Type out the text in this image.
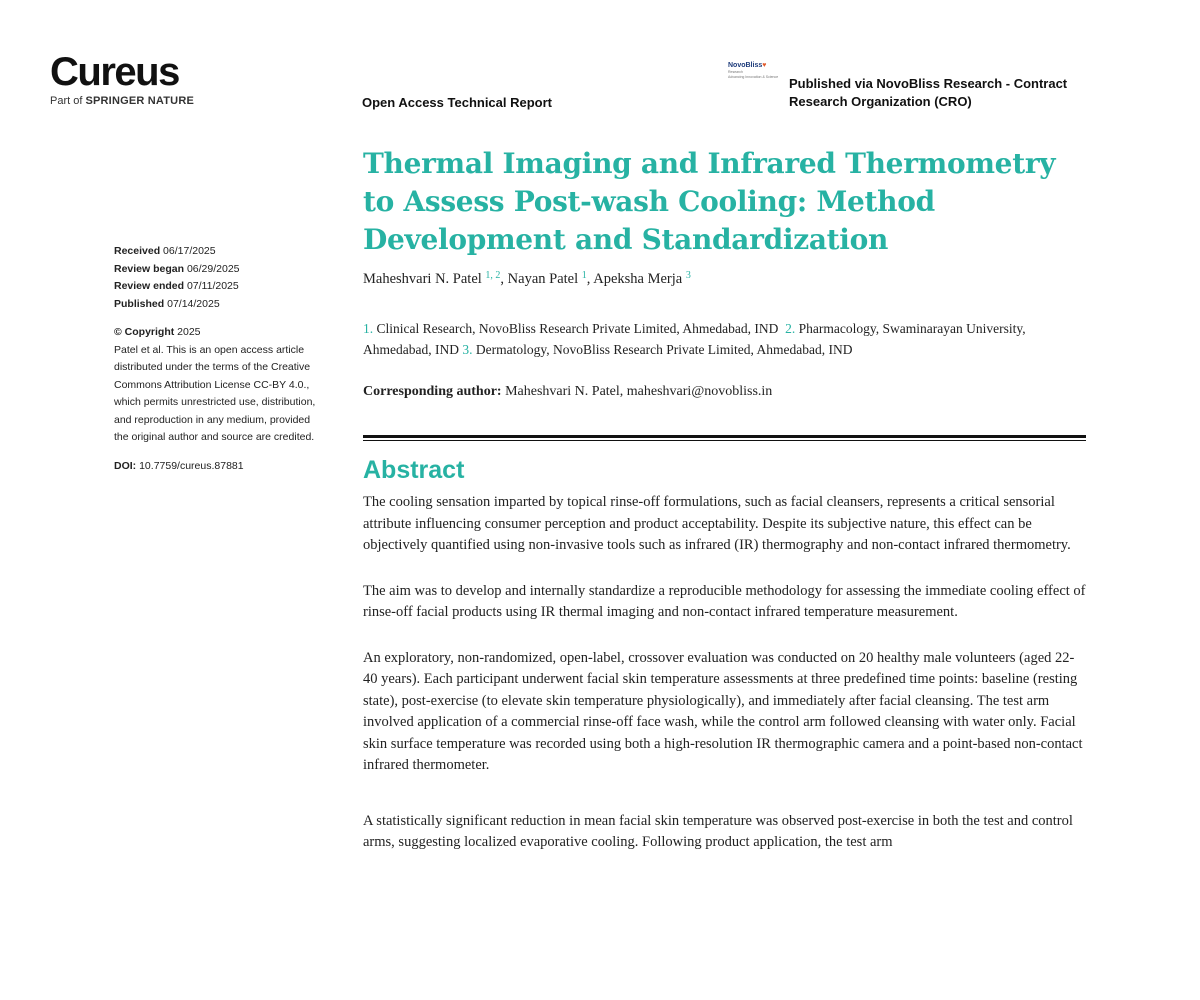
Cureus
Part of SPRINGER NATURE	Open Access Technical Report
NovoBliss♥
Research
Advancing Innovation & Science Published via NovoBliss Research - Contract
Research Organization (CRO)
Received 06/17/2025
Review began 06/29/2025
Review ended 07/11/2025
Published 07/14/2025
© Copyright 2025
Patel et al. This is an open access article
distributed under the terms of the Creative
Commons Attribution License CC-BY 4.0.,
which permits unrestricted use, distribution,
and reproduction in any medium, provided
the original author and source are credited.
DOI: 10.7759/cureus.87881
Thermal Imaging and Infrared Thermometry to Assess Post-wash Cooling: Method Development and Standardization
Maheshvari N. Patel $^{1, 2}$, Nayan Patel $^1$, Apeksha Merja $^3$
1. Clinical Research, NovoBliss Research Private Limited, Ahmedabad, IND 2. Pharmacology, Swaminarayan University, Ahmedabad, IND 3. Dermatology, NovoBliss Research Private Limited, Ahmedabad, IND
Corresponding author: Maheshvari N. Patel, maheshvari@novobliss.in
Abstract

The cooling sensation imparted by topical rinse-off formulations, such as facial cleansers, represents a critical sensorial attribute influencing consumer perception and product acceptability. Despite its subjective nature, this effect can be objectively quantified using non-invasive tools such as infrared (IR) thermography and non-contact infrared thermometry.

The aim was to develop and internally standardize a reproducible methodology for assessing the immediate cooling effect of rinse-off facial products using IR thermal imaging and non-contact infrared temperature measurement.

An exploratory, non-randomized, open-label, crossover evaluation was conducted on 20 healthy male volunteers (aged 22-40 years). Each participant underwent facial skin temperature assessments at three predefined time points: baseline (resting state), post-exercise (to elevate skin temperature physiologically), and immediately after facial cleansing. The test arm involved application of a commercial rinse-off face wash, while the control arm followed cleansing with water only. Facial skin surface temperature was recorded using both a high-resolution IR thermographic camera and a point-based non-contact infrared thermometer.

A statistically significant reduction in mean facial skin temperature was observed post-exercise in both the test and control arms, suggesting localized evaporative cooling. Following product application, the test arm
